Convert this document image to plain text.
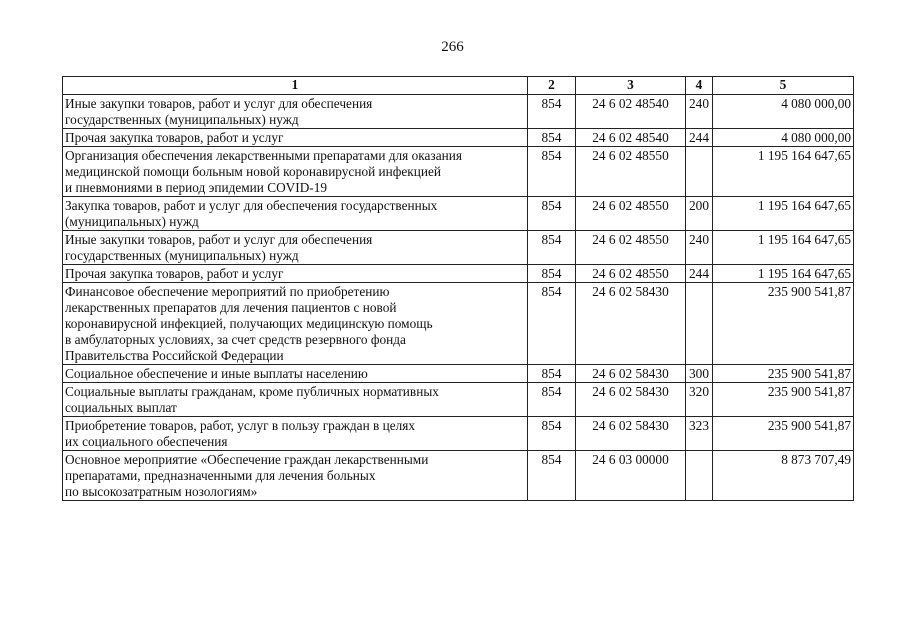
266
1	2	3	4	5

Иные закупки товаров, работ и услуг для обеспечения
государственных (муниципальных) нужд	854	24 6 02 48540	240	4 080 000,00

Прочая закупка товаров, работ и услуг	854	24 6 02 48540	244	4 080 000,00

Организация обеспечения лекарственными препаратами для оказания
медицинской помощи больным новой коронавирусной инфекцией
и пневмониями в период эпидемии COVID-19	854	24 6 02 48550		1 195 164 647,65

Закупка товаров, работ и услуг для обеспечения государственных
(муниципальных) нужд	854	24 6 02 48550	200	1 195 164 647,65

Иные закупки товаров, работ и услуг для обеспечения
государственных (муниципальных) нужд	854	24 6 02 48550	240	1 195 164 647,65

Прочая закупка товаров, работ и услуг	854	24 6 02 48550	244	1 195 164 647,65

Финансовое обеспечение мероприятий по приобретению
лекарственных препаратов для лечения пациентов с новой
коронавирусной инфекцией, получающих медицинскую помощь
в амбулаторных условиях, за счет средств резервного фонда
Правительства Российской Федерации	854	24 6 02 58430		235 900 541,87

Социальное обеспечение и иные выплаты населению	854	24 6 02 58430	300	235 900 541,87

Социальные выплаты гражданам, кроме публичных нормативных
социальных выплат	854	24 6 02 58430	320	235 900 541,87

Приобретение товаров, работ, услуг в пользу граждан в целях
их социального обеспечения	854	24 6 02 58430	323	235 900 541,87

Основное мероприятие «Обеспечение граждан лекарственными
препаратами, предназначенными для лечения больных
по высокозатратным нозологиям»	854	24 6 03 00000		8 873 707,49
